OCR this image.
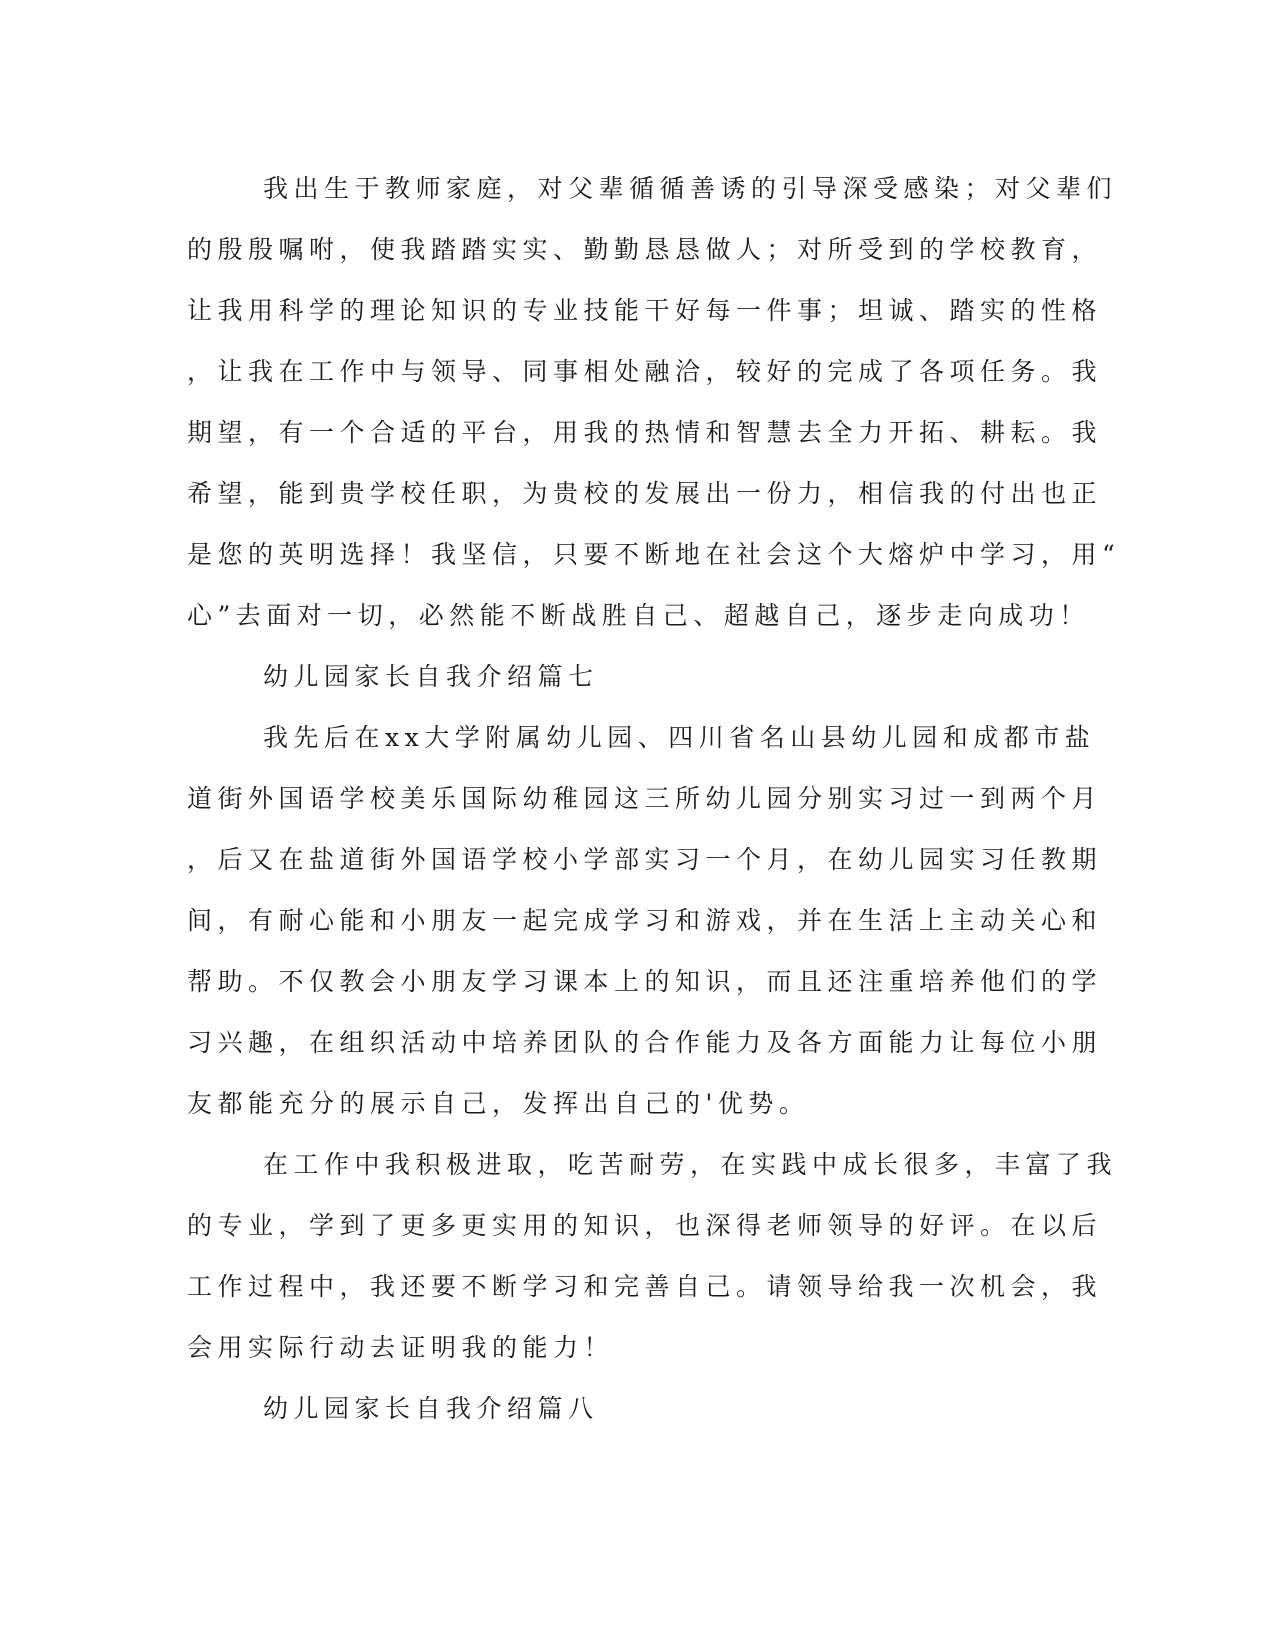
我出生于教师家庭，对父辈循循善诱的引导深受感染；对父辈们
的殷殷嘱咐，使我踏踏实实、勤勤恳恳做人；对所受到的学校教育，
让我用科学的理论知识的专业技能干好每一件事；坦诚、踏实的性格
，让我在工作中与领导、同事相处融洽，较好的完成了各项任务。我
期望，有一个合适的平台，用我的热情和智慧去全力开拓、耕耘。我
希望，能到贵学校任职，为贵校的发展出一份力，相信我的付出也正
是您的英明选择！我坚信，只要不断地在社会这个大熔炉中学习，用“
心”去面对一切，必然能不断战胜自己、超越自己，逐步走向成功！
幼儿园家长自我介绍篇七
我先后在xx大学附属幼儿园、四川省名山县幼儿园和成都市盐
道街外国语学校美乐国际幼稚园这三所幼儿园分别实习过一到两个月
，后又在盐道街外国语学校小学部实习一个月，在幼儿园实习任教期
间，有耐心能和小朋友一起完成学习和游戏，并在生活上主动关心和
帮助。不仅教会小朋友学习课本上的知识，而且还注重培养他们的学
习兴趣，在组织活动中培养团队的合作能力及各方面能力让每位小朋
友都能充分的展示自己，发挥出自己的'优势。
在工作中我积极进取，吃苦耐劳，在实践中成长很多，丰富了我
的专业，学到了更多更实用的知识，也深得老师领导的好评。在以后
工作过程中，我还要不断学习和完善自己。请领导给我一次机会，我
会用实际行动去证明我的能力！
幼儿园家长自我介绍篇八
